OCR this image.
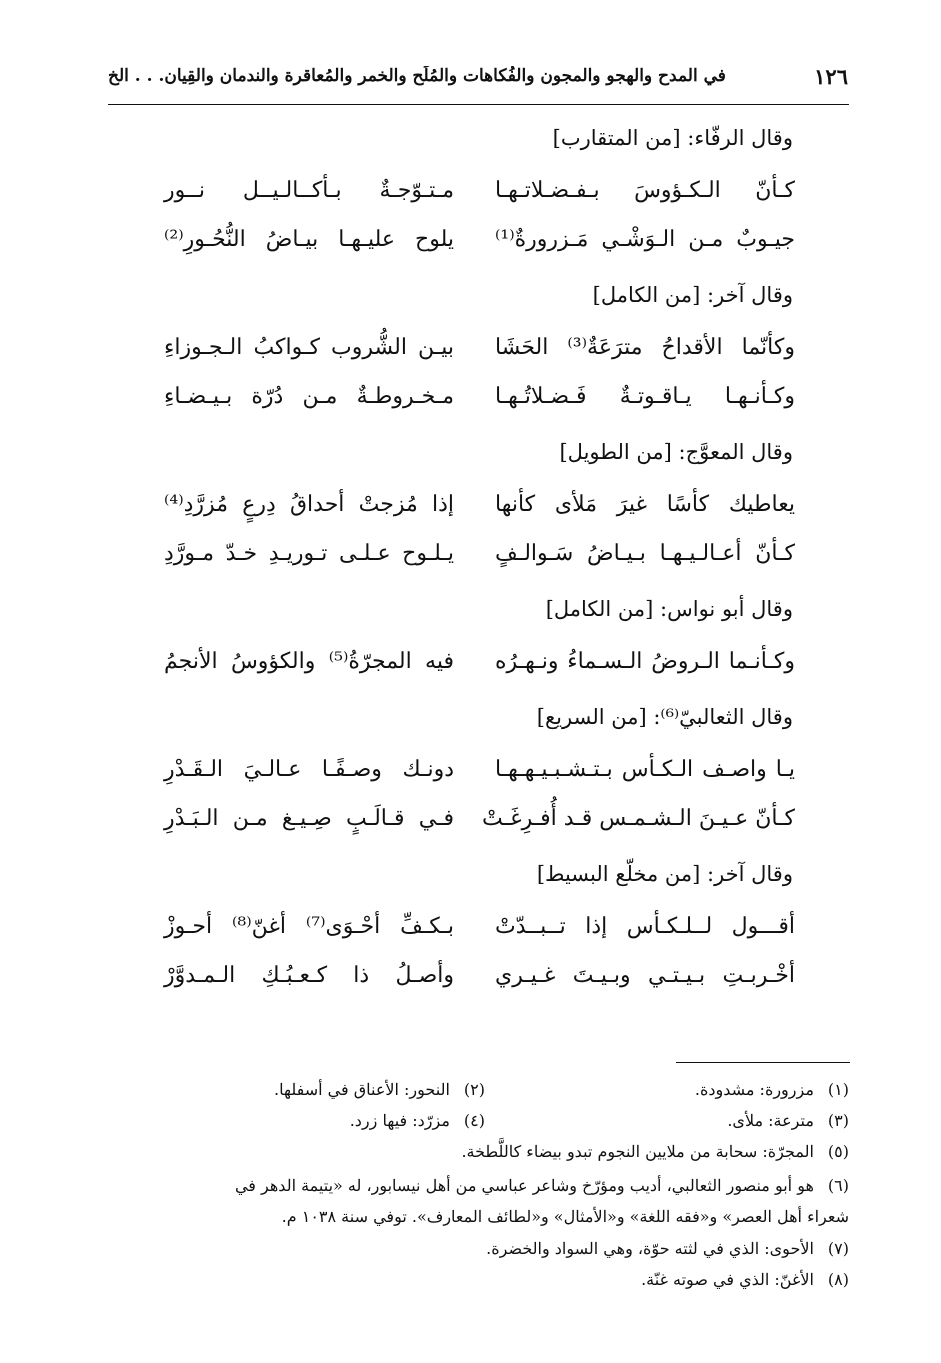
١٢٦
في المدح والهجو والمجون والفُكاهات والمُلَح والخمر والمُعاقرة والندمان والقِيان. . . الخ
وقال الرفّاء: [من المتقارب]
كـأنّ الـكـؤوسَ بـفـضـلاتـهـا
مـتـوّجـةٌ بـأكــالـيــل نــور
جيـوبٌ مـن الـوَشْـي مَـزرورةٌ⁽¹⁾
يلوح عليـهـا بيـاضُ النُّحُـورِ⁽²⁾
وقال آخر: [من الكامل]
وكأنّما الأقداحُ مترَعَةٌ⁽³⁾ الحَشَا
بيـن الشُّروب كـواكبُ الـجـوزاءِ
وكـأنـهـا يـاقـوتـةٌ فَـضـلاتُـهـا
مـخـروطـةٌ مـن دُرّة بـيـضـاءِ
وقال المعوَّج: [من الطويل]
يعاطيك كأسًا غيرَ مَلأى كأنها
إذا مُزجتْ أحداقُ دِرعٍ مُزرَّدِ⁽⁴⁾
كـأنّ أعـالـيـهـا بـيـاضُ سَـوالـفٍ
يـلـوح عـلـى تـوريـدِ خـدّ مـورَّدِ
وقال أبو نواس: [من الكامل]
وكـأنـما الـروضُ الـسـماءُ ونـهـرُه
فيه المجرّةُ⁽⁵⁾ والكؤوسُ الأنجمُ
وقال الثعالبيّ⁽⁶⁾: [من السريع]
يـا واصـف الـكـأس بـتـشـبـيـهـهـا
دونـك وصـفًـا عـالـيَ الـقَـدْرِ
كـأنّ عـيـنَ الـشـمـس قـد أُفـرِغَـتْ
فـي قـالَـبٍ صِـيـغ مـن الـبَـدْرِ
وقال آخر: [من مخلّع البسيط]
أقـــول لــلـكـأس إذا تــبــدّتْ
بـكـفِّ أحْـوَى⁽⁷⁾ أغنّ⁽⁸⁾ أحـوزْ
أخْـربـتِ بـيـتـي وبـيـتَ غـيـري
وأصـلُ ذا كـعـبُـكِ الـمـدوَّرْ
(١) مزرورة: مشدودة.
(٢) النحور: الأعناق في أسفلها.
(٣) مترعة: ملأى.
(٤) مزرّد: فيها زرد.
(٥) المجرّة: سحابة من ملايين النجوم تبدو بيضاء كاللَّطخة.
(٦) هو أبو منصور الثعالبي، أديب ومؤرّخ وشاعر عباسي من أهل نيسابور، له «يتيمة الدهر في
شعراء أهل العصر» و«فقه اللغة» و«الأمثال» و«لطائف المعارف». توفي سنة ١٠٣٨ م.
(٧) الأحوى: الذي في لثته حوّة، وهي السواد والخضرة.
(٨) الأغنّ: الذي في صوته غنّة.
